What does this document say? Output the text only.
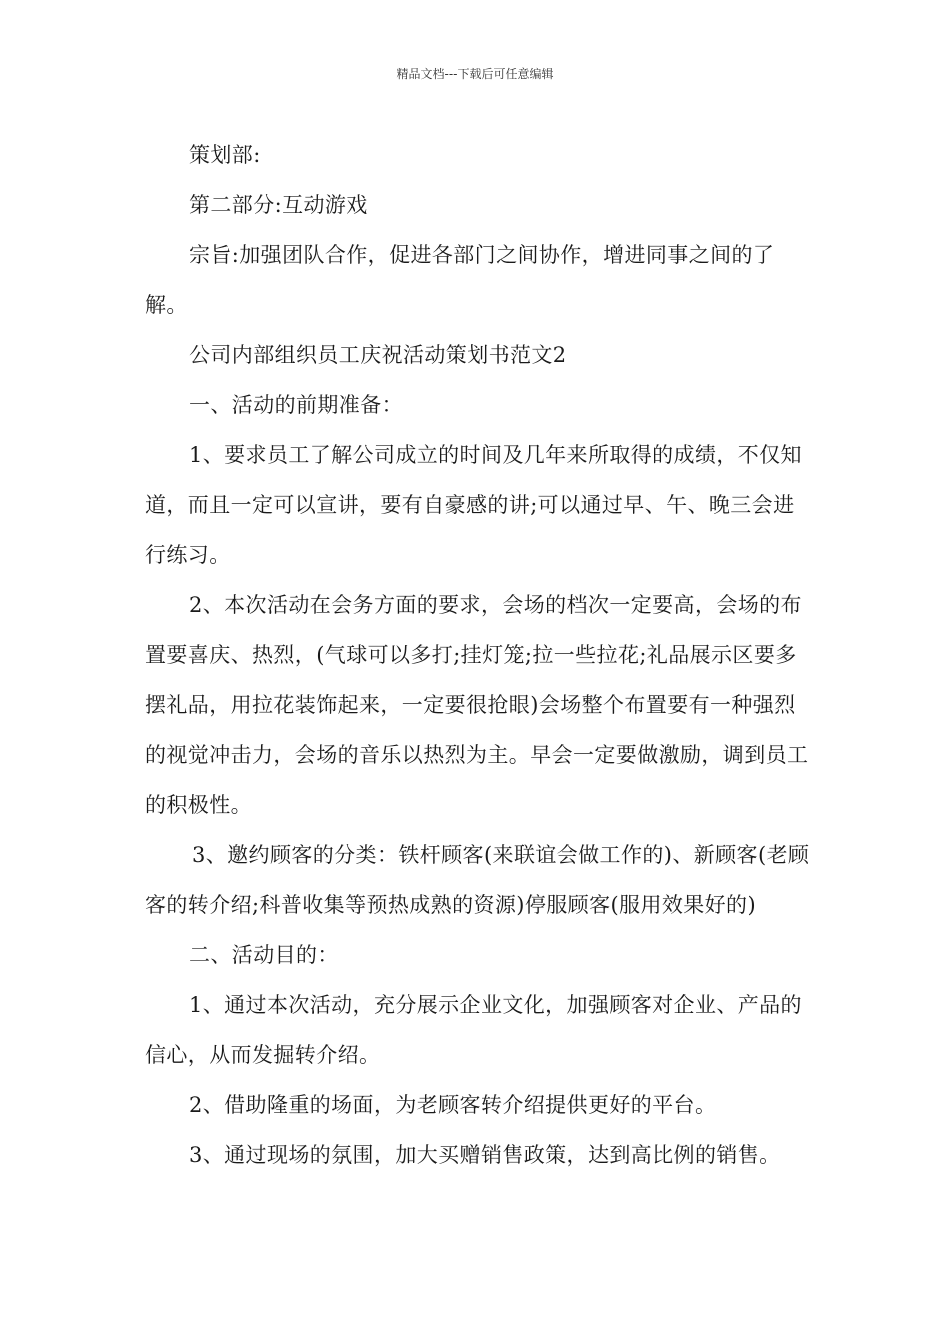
精品文档---下载后可任意编辑

策划部:

第二部分:互动游戏

宗旨:加强团队合作，促进各部门之间协作，增进同事之间的了解。

公司内部组织员工庆祝活动策划书范文2

一、活动的前期准备：

1、要求员工了解公司成立的时间及几年来所取得的成绩，不仅知道，而且一定可以宣讲，要有自豪感的讲;可以通过早、午、晚三会进行练习。

2、本次活动在会务方面的要求，会场的档次一定要高，会场的布置要喜庆、热烈，(气球可以多打;挂灯笼;拉一些拉花;礼品展示区要多摆礼品，用拉花装饰起来，一定要很抢眼)会场整个布置要有一种强烈的视觉冲击力，会场的音乐以热烈为主。早会一定要做激励，调到员工的积极性。

3、邀约顾客的分类：铁杆顾客(来联谊会做工作的)、新顾客(老顾客的转介绍;科普收集等预热成熟的资源)停服顾客(服用效果好的)

二、活动目的：

1、通过本次活动，充分展示企业文化，加强顾客对企业、产品的信心，从而发掘转介绍。

2、借助隆重的场面，为老顾客转介绍提供更好的平台。

3、通过现场的氛围，加大买赠销售政策，达到高比例的销售。
